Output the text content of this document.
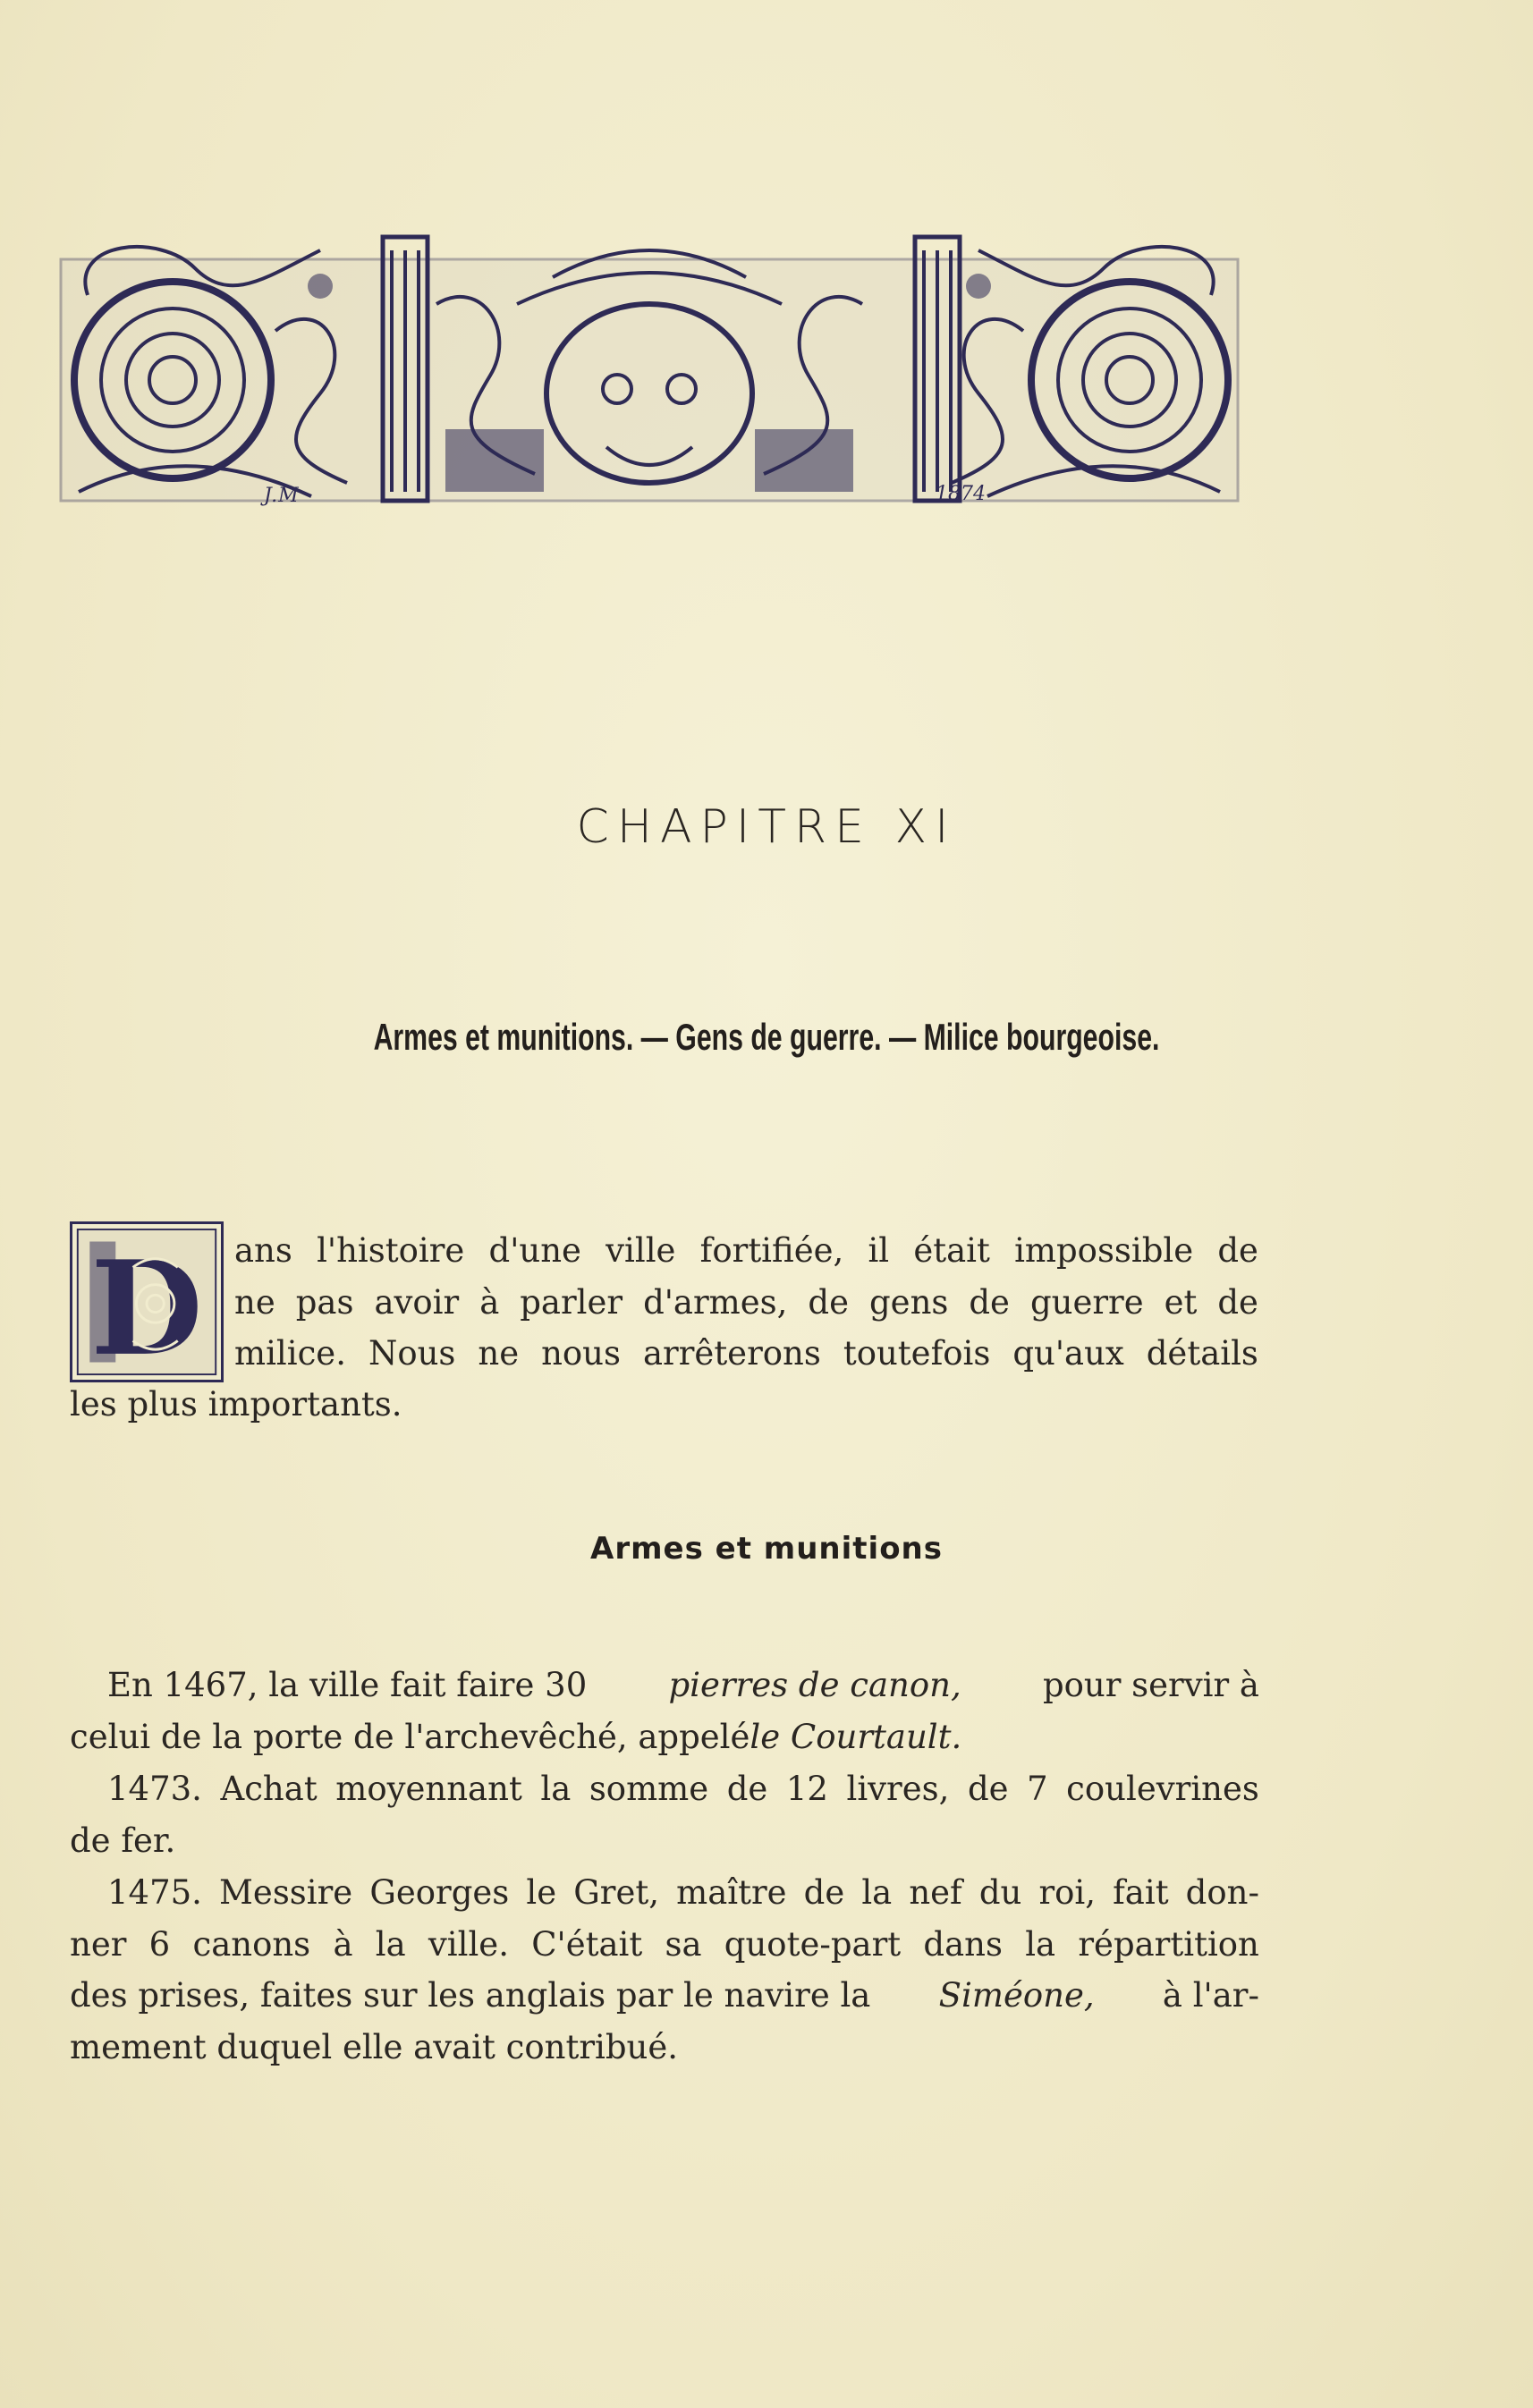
J.M	1874
CHAPITRE XI
Armes et munitions. — Gens de guerre. — Milice bourgeoise.
D ans l'histoire d'une ville fortifiée, il était impossible de
ne pas avoir à parler d'armes, de gens de guerre et de
milice. Nous ne nous arrêterons toutefois qu'aux détails
les plus importants.
Armes et munitions
En 1467, la ville fait faire 30 pierres de canon, pour servir à
celui de la porte de l'archevêché, appelé le Courtault.
1473. Achat moyennant la somme de 12 livres, de 7 coulevrines
de fer.
1475. Messire Georges le Gret, maître de la nef du roi, fait don-
ner 6 canons à la ville. C'était sa quote-part dans la répartition
des prises, faites sur les anglais par le navire la Siméone, à l'ar-
mement duquel elle avait contribué.
